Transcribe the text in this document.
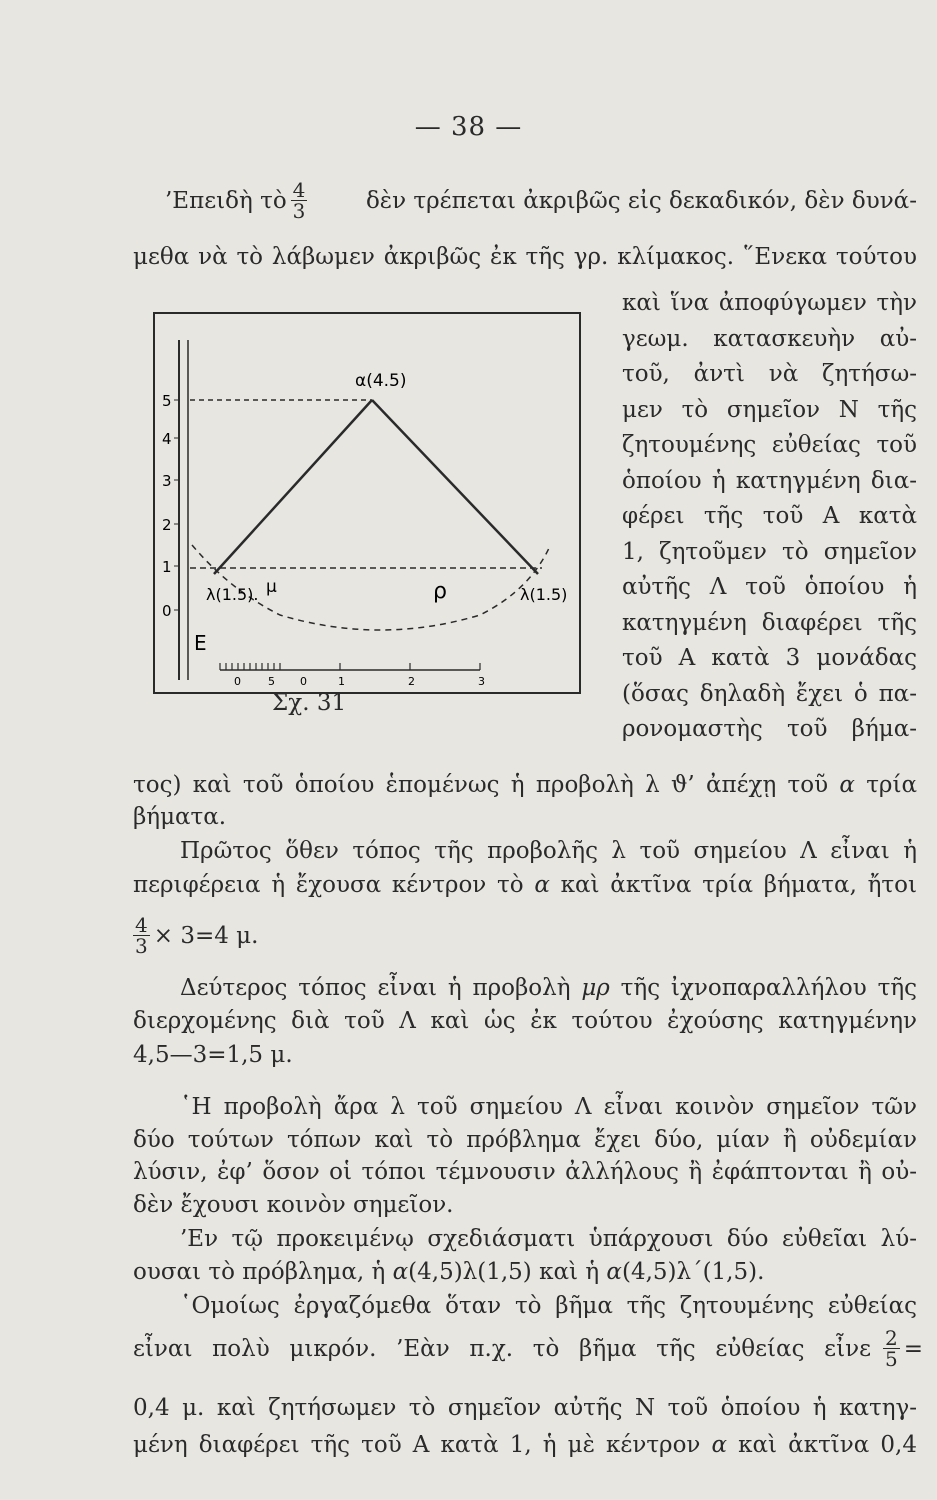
— 38 —
’Επειδὴ τὸ $\frac{4}{3}$	δὲν τρέπεται ἀκριβῶς εἰς δεκαδικόν, δὲν δυνά-
μεθα νὰ τὸ λάβωμεν ἀκριβῶς ἐκ τῆς γρ. κλίμακος. ῞Ενεκα τούτου
καὶ ἵνα ἀποφύγωμεν τὴν
γεωμ. κατασκευὴν αὐ-
τοῦ, ἀντὶ νὰ ζητήσω-
μεν τὸ σημεῖον Ν τῆς
ζητουμένης εὐθείας τοῦ
ὁποίου ἡ κατηγμένη δια-
φέρει τῆς τοῦ Α κατὰ
1, ζητοῦμεν τὸ σημεῖον
αὐτῆς Λ τοῦ ὁποίου ἡ
κατηγμένη διαφέρει τῆς
τοῦ Α κατὰ 3 μονάδας
(ὅσας δηλαδὴ ἔχει ὁ πα-
ρονομαστὴς τοῦ βήμα-
5
4
3
2
1
0
α(4.5)
λ(1.5). μ	ρ	λ(1.5)
Ε
0 5 0	1	2	3
Σχ. 31
τος) καὶ τοῦ ὁποίου ἑπομένως ἡ προβολὴ λ ϑ’ ἀπέχῃ τοῦ α τρία
βήματα.
Πρῶτος ὅθεν τόπος τῆς προβολῆς λ τοῦ σημείου Λ εἶναι ἡ
περιφέρεια ἡ ἔχουσα κέντρον τὸ α καὶ ἀκτῖνα τρία βήματα, ἤτοι
$\frac{4}{3} \times 3=4$ μ.
Δεύτερος τόπος εἶναι ἡ προβολὴ μρ τῆς ἰχνοπαραλλήλου τῆς
διερχομένης διὰ τοῦ Λ καὶ ὡς ἐκ τούτου ἐχούσης κατηγμένην
4,5—3=1,5 μ.
῾Η προβολὴ ἄρα λ τοῦ σημείου Λ εἶναι κοινὸν σημεῖον τῶν
δύο τούτων τόπων καὶ τὸ πρόβλημα ἔχει δύο, μίαν ἢ οὐδεμίαν
λύσιν, ἐφ’ ὅσον οἱ τόποι τέμνουσιν ἀλλήλους ἢ ἐφάπτονται ἢ οὐ-
δὲν ἔχουσι κοινὸν σημεῖον.
’Εν τῷ προκειμένῳ σχεδιάσματι ὑπάρχουσι δύο εὐθεῖαι λύ-
ουσαι τὸ πρόβλημα, ἡ α(4,5)λ(1,5) καὶ ἡ α(4,5)λ΄(1,5).
῾Ομοίως ἐργαζόμεθα ὅταν τὸ βῆμα τῆς ζητουμένης εὐθείας
εἶναι πολὺ μικρόν. ’Εὰν π.χ. τὸ βῆμα τῆς εὐθείας εἶνε $\frac{2}{5}$ =
0,4 μ. καὶ ζητήσωμεν τὸ σημεῖον αὐτῆς Ν τοῦ ὁποίου ἡ κατηγ-
μένη διαφέρει τῆς τοῦ Α κατὰ 1, ἡ μὲ κέντρον α καὶ ἀκτῖνα 0,4
